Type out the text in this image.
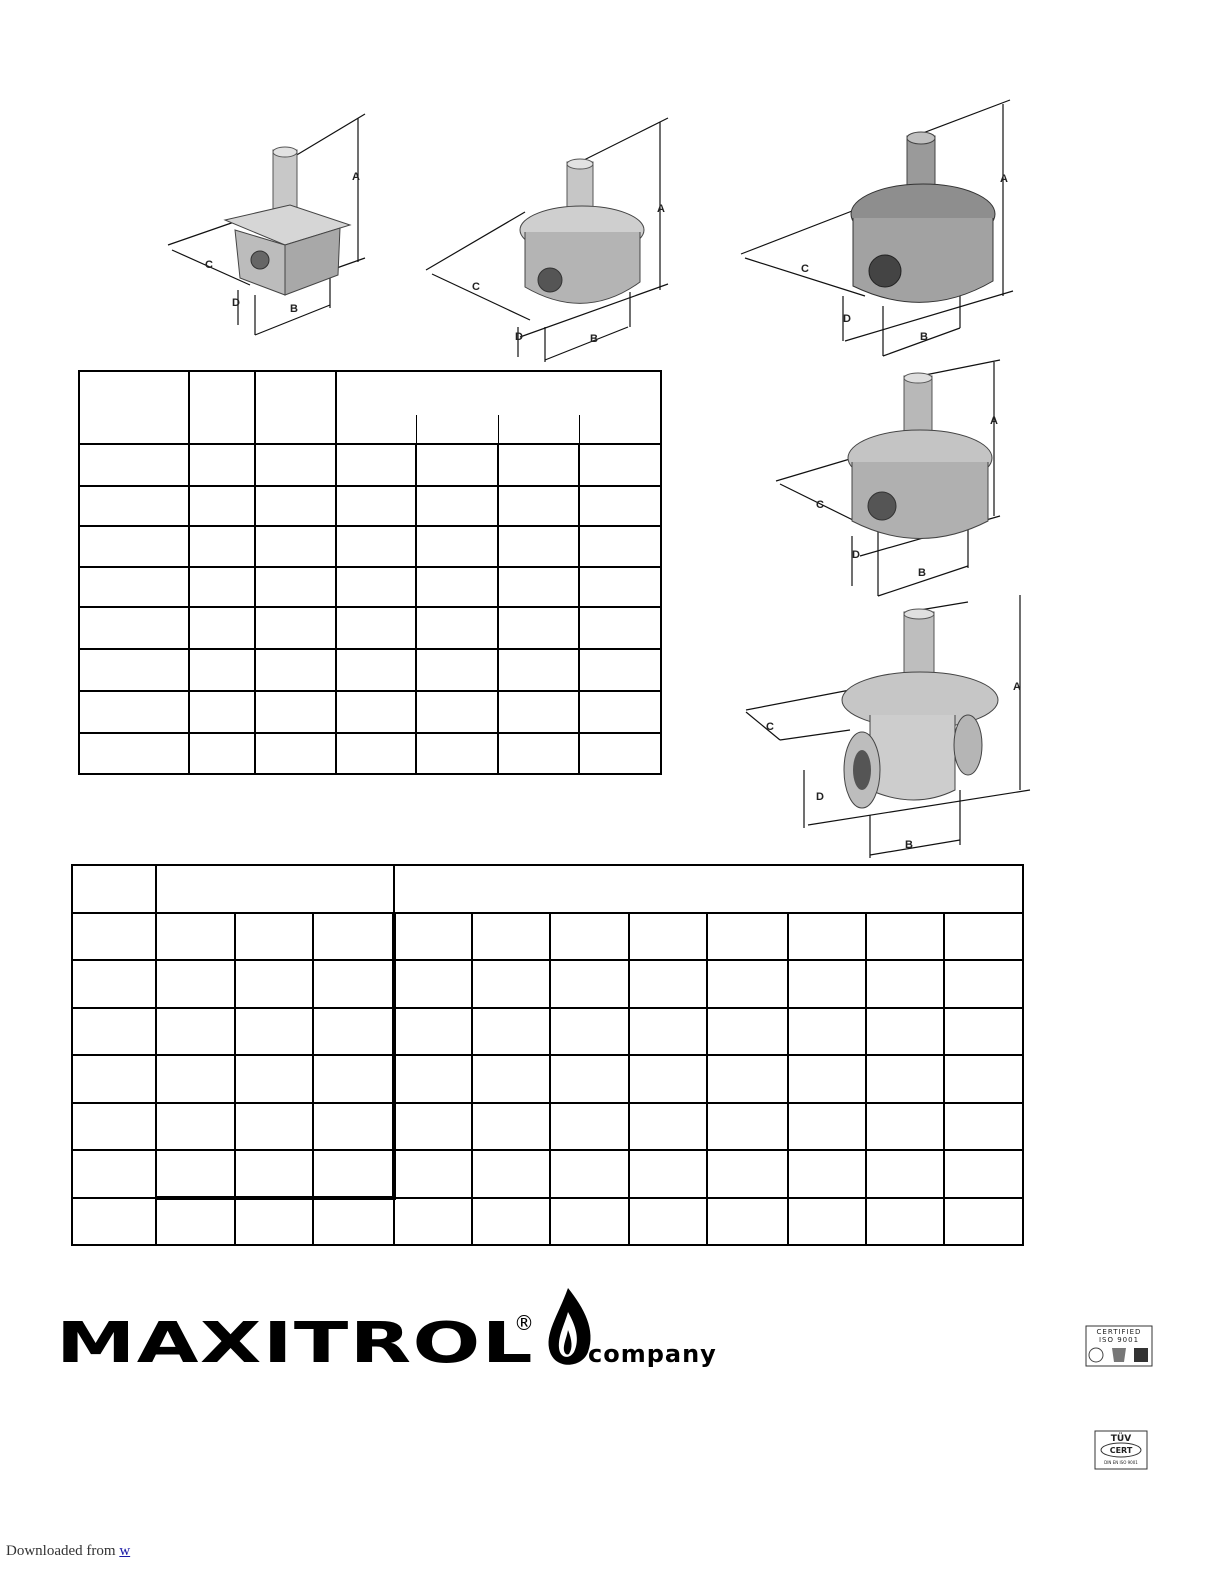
A
C
D	B
A
C
D	B
A
C
D
B
A
C
D
B
A
C
D
B

MAXITROL
®
company
CERTIFIED
ISO 9001
TÜV
CERT
DIN EN ISO 9001
Downloaded from w
